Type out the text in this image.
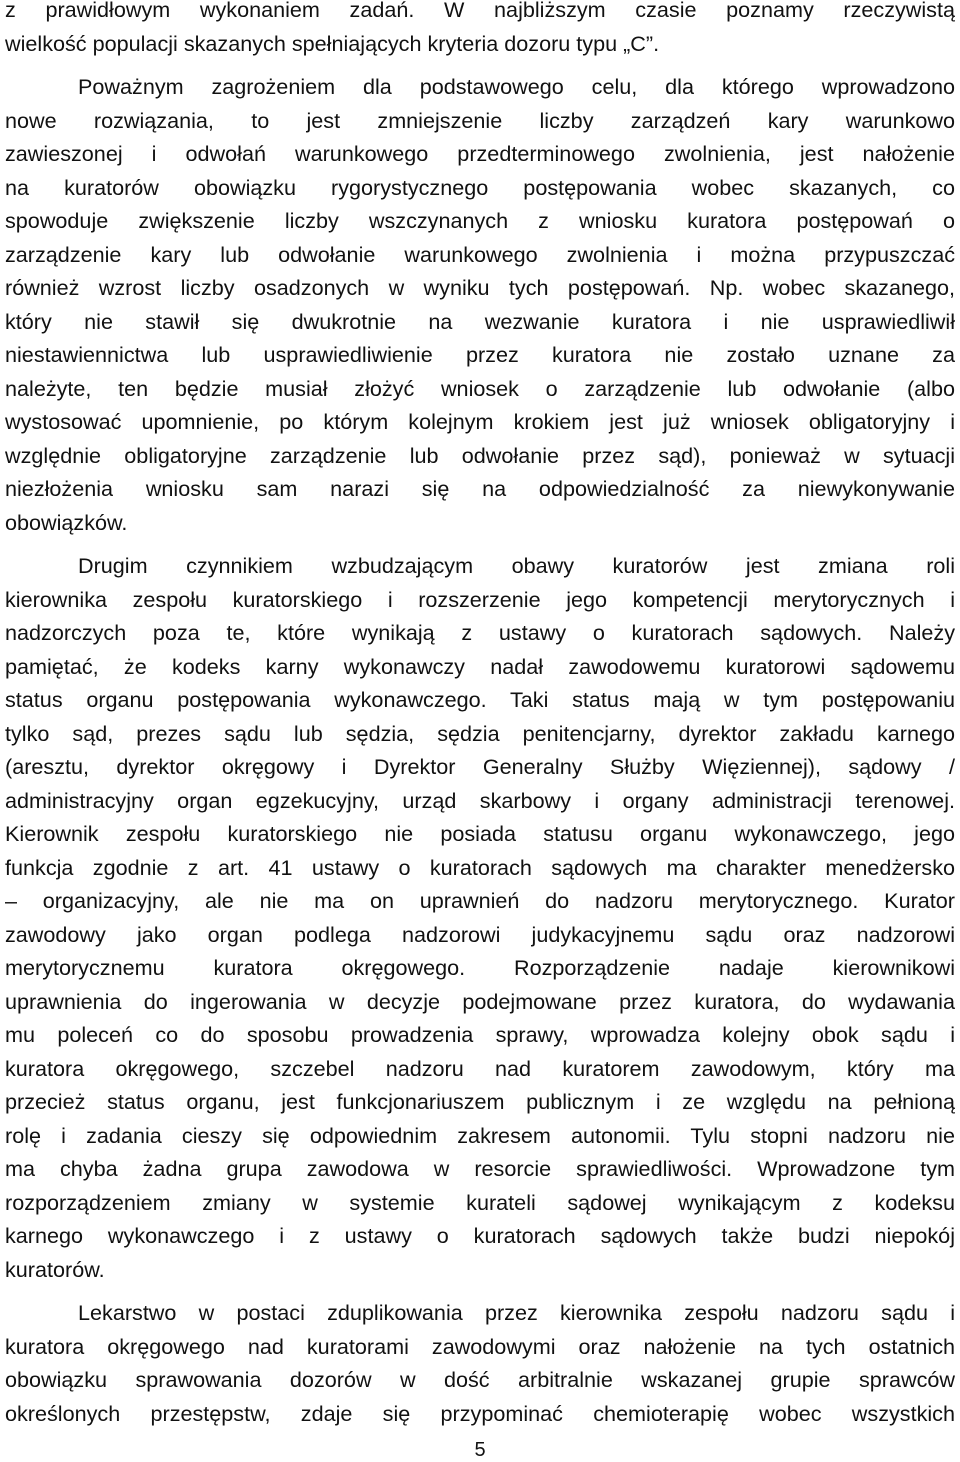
z prawidłowym wykonaniem zadań. W najbliższym czasie poznamy rzeczywistą
wielkość populacji skazanych spełniających kryteria dozoru typu „C”.
Poważnym zagrożeniem dla podstawowego celu, dla którego wprowadzono
nowe rozwiązania, to jest zmniejszenie liczby zarządzeń kary warunkowo
zawieszonej i odwołań warunkowego przedterminowego zwolnienia, jest nałożenie
na kuratorów obowiązku rygorystycznego postępowania wobec skazanych, co
spowoduje zwiększenie liczby wszczynanych z wniosku kuratora postępowań o
zarządzenie kary lub odwołanie warunkowego zwolnienia i można przypuszczać
również wzrost liczby osadzonych w wyniku tych postępowań. Np. wobec skazanego,
który nie stawił się dwukrotnie na wezwanie kuratora i nie usprawiedliwił
niestawiennictwa lub usprawiedliwienie przez kuratora nie zostało uznane za
należyte, ten będzie musiał złożyć wniosek o zarządzenie lub odwołanie (albo
wystosować upomnienie, po którym kolejnym krokiem jest już wniosek obligatoryjny i
względnie obligatoryjne zarządzenie lub odwołanie przez sąd), ponieważ w sytuacji
niezłożenia wniosku sam narazi się na odpowiedzialność za niewykonywanie
obowiązków.
Drugim czynnikiem wzbudzającym obawy kuratorów jest zmiana roli
kierownika zespołu kuratorskiego i rozszerzenie jego kompetencji merytorycznych i
nadzorczych poza te, które wynikają z ustawy o kuratorach sądowych. Należy
pamiętać, że kodeks karny wykonawczy nadał zawodowemu kuratorowi sądowemu
status organu postępowania wykonawczego. Taki status mają w tym postępowaniu
tylko sąd, prezes sądu lub sędzia, sędzia penitencjarny, dyrektor zakładu karnego
(aresztu, dyrektor okręgowy i Dyrektor Generalny Służby Więziennej), sądowy /
administracyjny organ egzekucyjny, urząd skarbowy i organy administracji terenowej.
Kierownik zespołu kuratorskiego nie posiada statusu organu wykonawczego, jego
funkcja zgodnie z art. 41 ustawy o kuratorach sądowych ma charakter menedżersko
– organizacyjny, ale nie ma on uprawnień do nadzoru merytorycznego. Kurator
zawodowy jako organ podlega nadzorowi judykacyjnemu sądu oraz nadzorowi
merytorycznemu kuratora okręgowego. Rozporządzenie nadaje kierownikowi
uprawnienia do ingerowania w decyzje podejmowane przez kuratora, do wydawania
mu poleceń co do sposobu prowadzenia sprawy, wprowadza kolejny obok sądu i
kuratora okręgowego, szczebel nadzoru nad kuratorem zawodowym, który ma
przecież status organu, jest funkcjonariuszem publicznym i ze względu na pełnioną
rolę i zadania cieszy się odpowiednim zakresem autonomii. Tylu stopni nadzoru nie
ma chyba żadna grupa zawodowa w resorcie sprawiedliwości. Wprowadzone tym
rozporządzeniem zmiany w systemie kurateli sądowej wynikającym z kodeksu
karnego wykonawczego i z ustawy o kuratorach sądowych także budzi niepokój
kuratorów.
Lekarstwo w postaci zduplikowania przez kierownika zespołu nadzoru sądu i
kuratora okręgowego nad kuratorami zawodowymi oraz nałożenie na tych ostatnich
obowiązku sprawowania dozorów w dość arbitralnie wskazanej grupie sprawców
określonych przestępstw, zdaje się przypominać chemioterapię wobec wszystkich
5
